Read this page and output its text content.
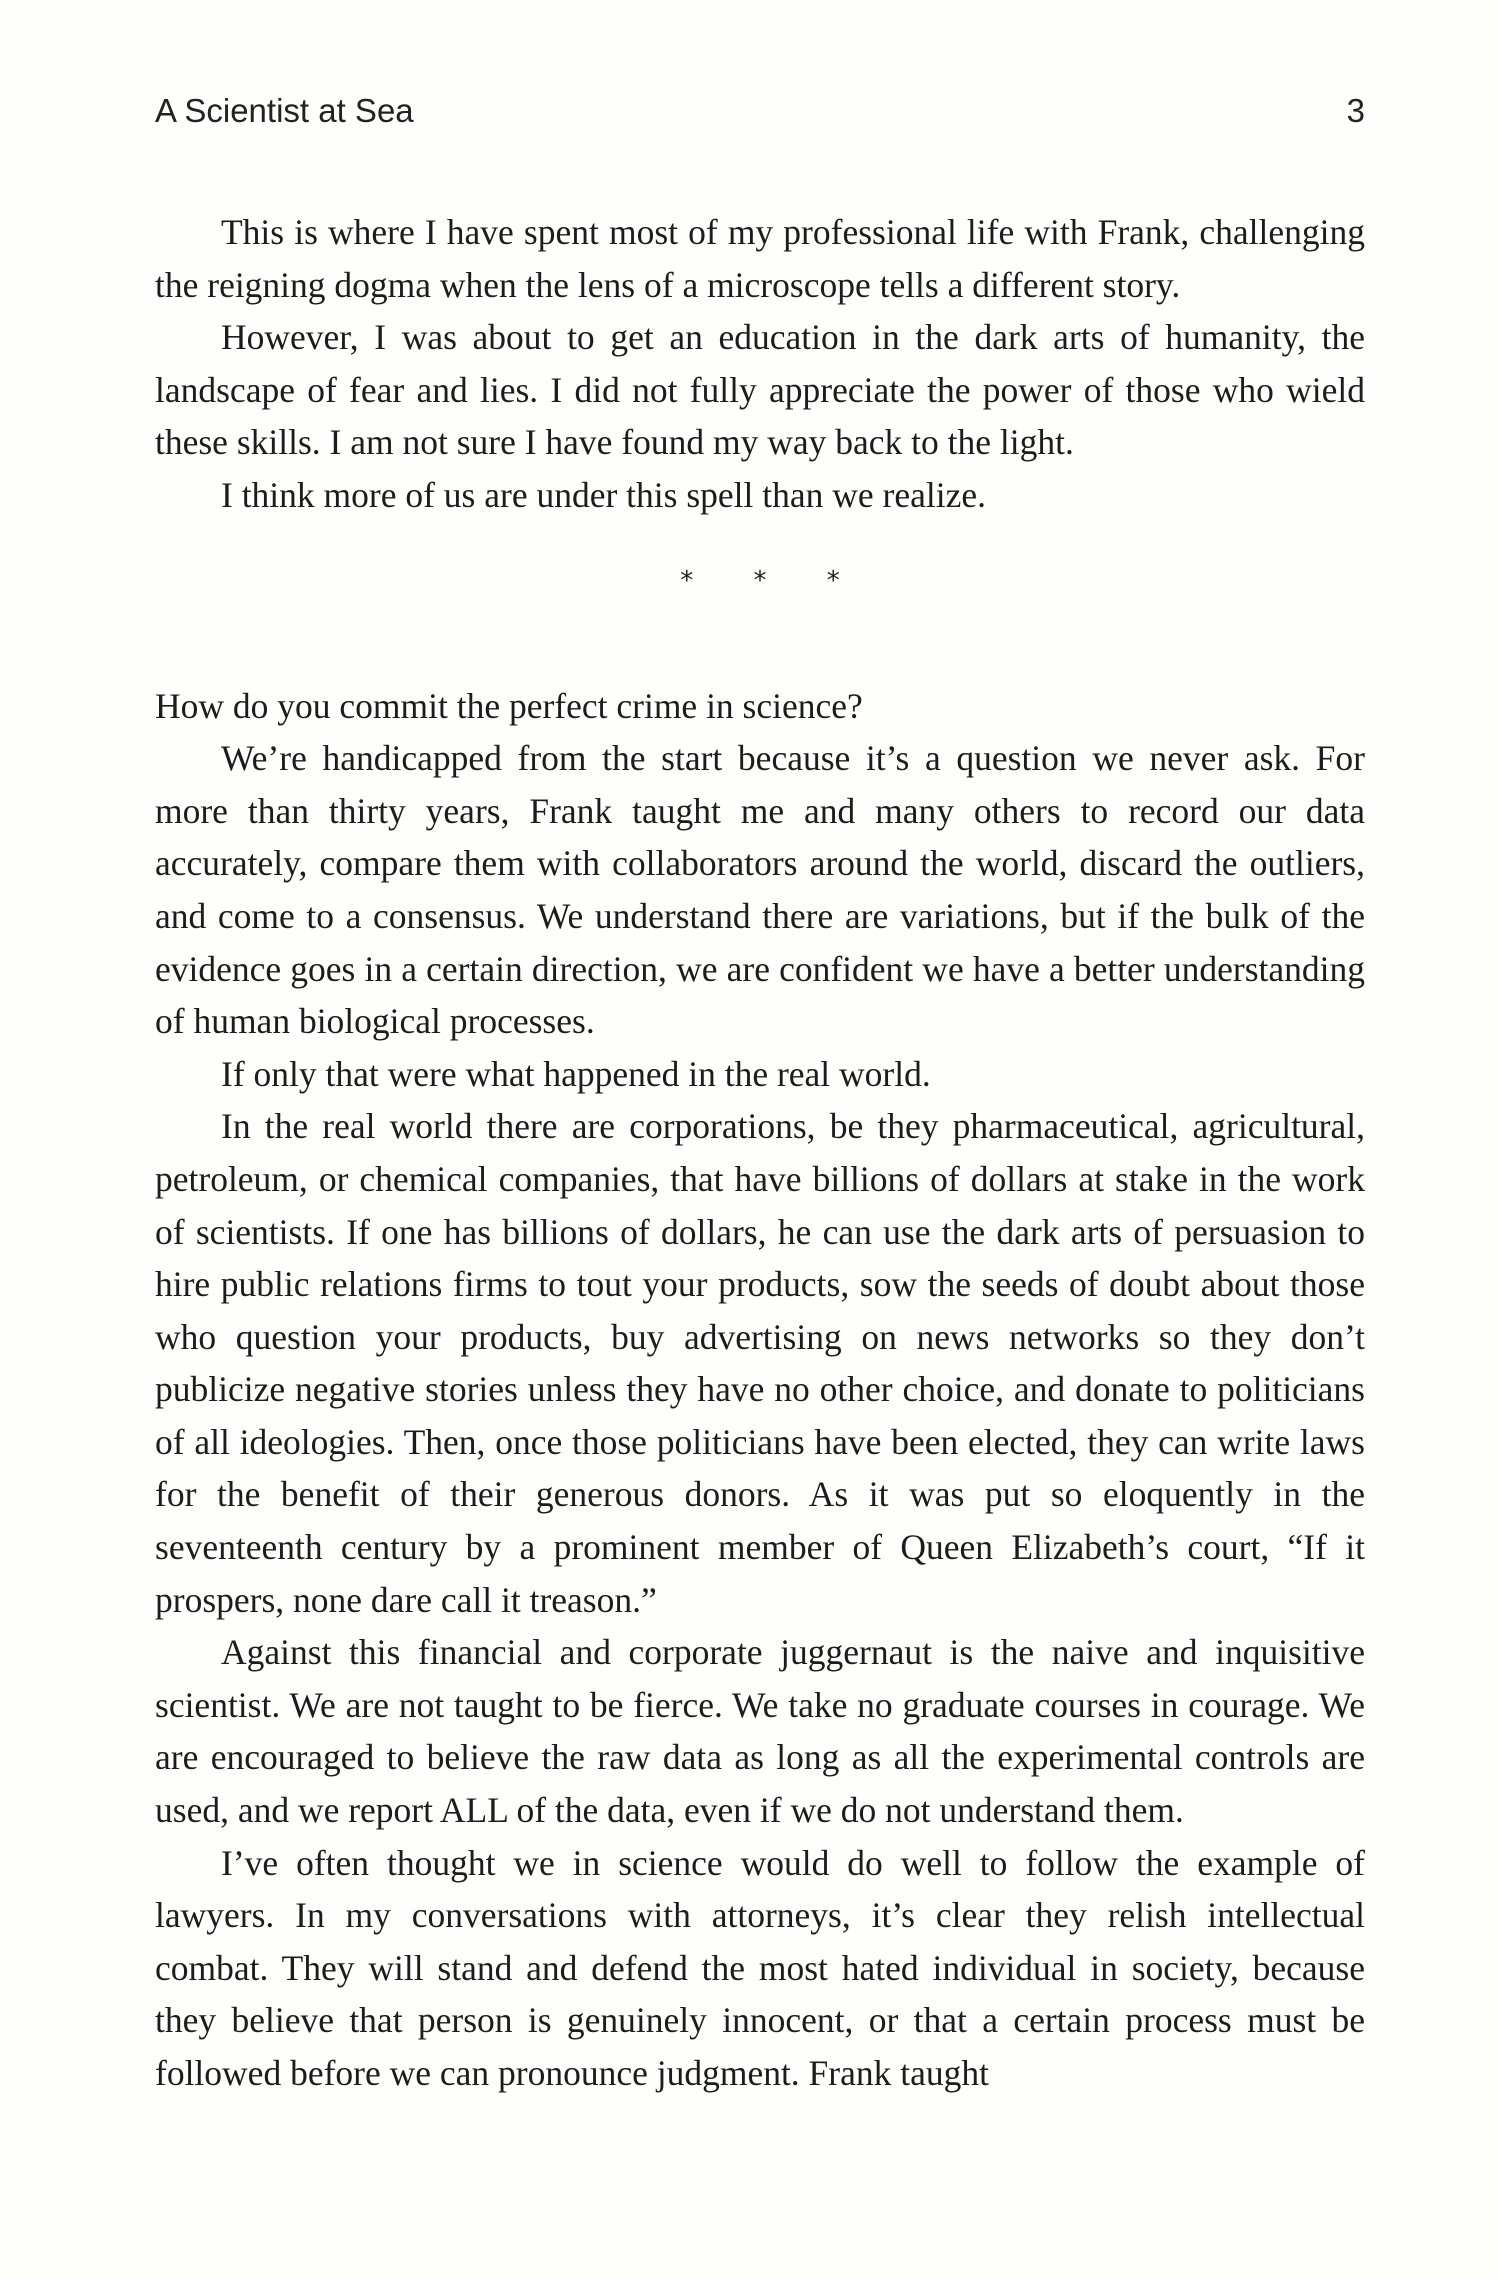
A Scientist at Sea	3

This is where I have spent most of my professional life with Frank, challenging the reigning dogma when the lens of a microscope tells a different story.

However, I was about to get an education in the dark arts of humanity, the landscape of fear and lies. I did not fully appreciate the power of those who wield these skills. I am not sure I have found my way back to the light.

I think more of us are under this spell than we realize.

* * *

How do you commit the perfect crime in science?

We’re handicapped from the start because it’s a question we never ask. For more than thirty years, Frank taught me and many others to record our data accurately, compare them with collaborators around the world, discard the outliers, and come to a consensus. We understand there are variations, but if the bulk of the evidence goes in a certain direction, we are confident we have a better understanding of human biological processes.

If only that were what happened in the real world.

In the real world there are corporations, be they pharmaceutical, agricultural, petroleum, or chemical companies, that have billions of dollars at stake in the work of scientists. If one has billions of dollars, he can use the dark arts of persuasion to hire public relations firms to tout your products, sow the seeds of doubt about those who question your products, buy advertising on news networks so they don’t publicize negative stories unless they have no other choice, and donate to politicians of all ideologies. Then, once those politicians have been elected, they can write laws for the benefit of their generous donors. As it was put so eloquently in the seventeenth century by a prominent member of Queen Elizabeth’s court, “If it prospers, none dare call it treason.”

Against this financial and corporate juggernaut is the naive and inquisitive scientist. We are not taught to be fierce. We take no graduate courses in courage. We are encouraged to believe the raw data as long as all the experimental controls are used, and we report ALL of the data, even if we do not understand them.

I’ve often thought we in science would do well to follow the example of lawyers. In my conversations with attorneys, it’s clear they relish intellectual combat. They will stand and defend the most hated individual in society, because they believe that person is genuinely innocent, or that a certain process must be followed before we can pronounce judgment. Frank taught
